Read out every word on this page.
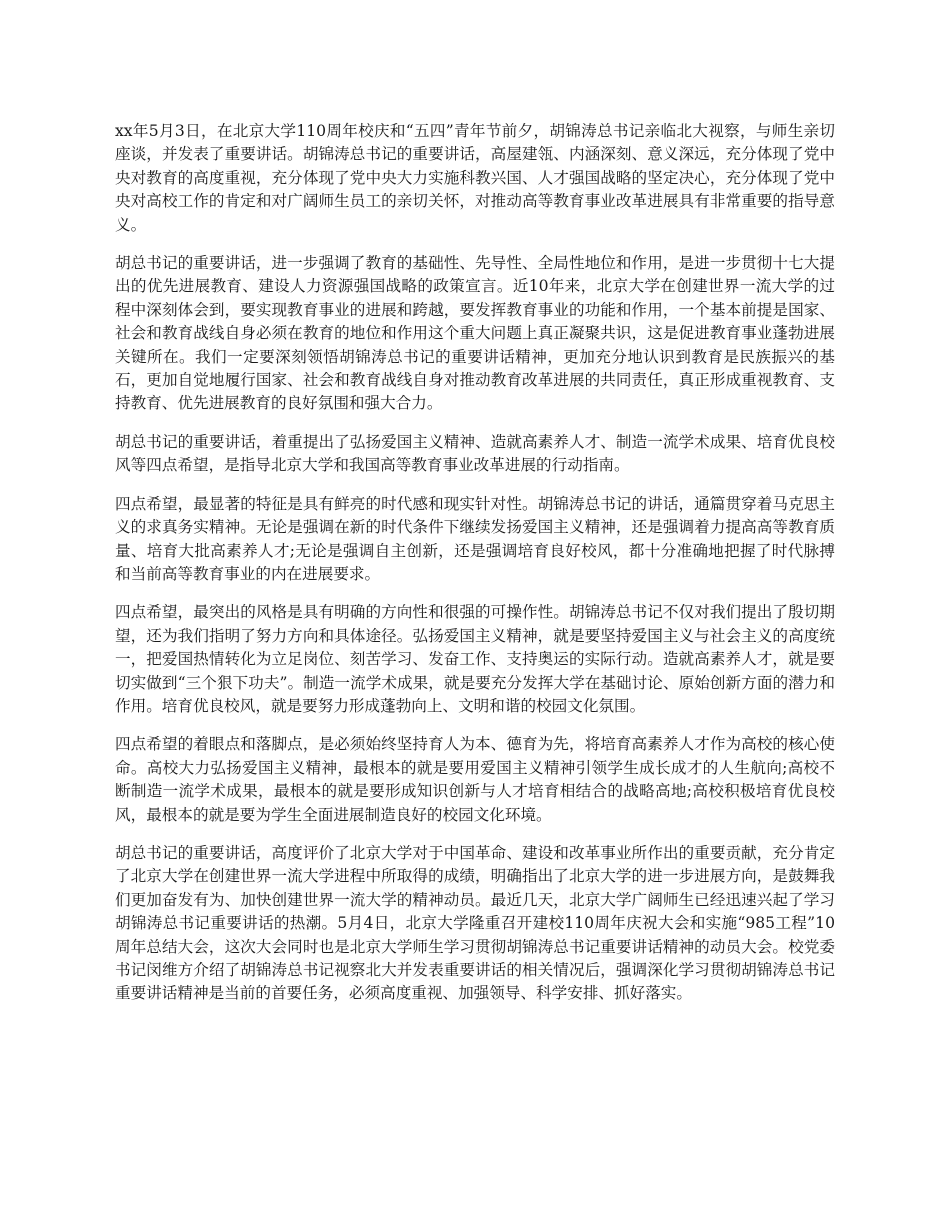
xx年5月3日，在北京大学110周年校庆和“五四”青年节前夕，胡锦涛总书记亲临北大视察，与师生亲切座谈，并发表了重要讲话。胡锦涛总书记的重要讲话，高屋建瓴、内涵深刻、意义深远，充分体现了党中央对教育的高度重视，充分体现了党中央大力实施科教兴国、人才强国战略的坚定决心，充分体现了党中央对高校工作的肯定和对广阔师生员工的亲切关怀，对推动高等教育事业改革进展具有非常重要的指导意义。

胡总书记的重要讲话，进一步强调了教育的基础性、先导性、全局性地位和作用，是进一步贯彻十七大提出的优先进展教育、建设人力资源强国战略的政策宣言。近10年来，北京大学在创建世界一流大学的过程中深刻体会到，要实现教育事业的进展和跨越，要发挥教育事业的功能和作用，一个基本前提是国家、社会和教育战线自身必须在教育的地位和作用这个重大问题上真正凝聚共识，这是促进教育事业蓬勃进展关键所在。我们一定要深刻领悟胡锦涛总书记的重要讲话精神，更加充分地认识到教育是民族振兴的基石，更加自觉地履行国家、社会和教育战线自身对推动教育改革进展的共同责任，真正形成重视教育、支持教育、优先进展教育的良好氛围和强大合力。

胡总书记的重要讲话，着重提出了弘扬爱国主义精神、造就高素养人才、制造一流学术成果、培育优良校风等四点希望，是指导北京大学和我国高等教育事业改革进展的行动指南。

四点希望，最显著的特征是具有鲜亮的时代感和现实针对性。胡锦涛总书记的讲话，通篇贯穿着马克思主义的求真务实精神。无论是强调在新的时代条件下继续发扬爱国主义精神，还是强调着力提高高等教育质量、培育大批高素养人才;无论是强调自主创新，还是强调培育良好校风，都十分准确地把握了时代脉搏和当前高等教育事业的内在进展要求。

四点希望，最突出的风格是具有明确的方向性和很强的可操作性。胡锦涛总书记不仅对我们提出了殷切期望，还为我们指明了努力方向和具体途径。弘扬爱国主义精神，就是要坚持爱国主义与社会主义的高度统一，把爱国热情转化为立足岗位、刻苦学习、发奋工作、支持奥运的实际行动。造就高素养人才，就是要切实做到“三个狠下功夫”。制造一流学术成果，就是要充分发挥大学在基础讨论、原始创新方面的潜力和作用。培育优良校风，就是要努力形成蓬勃向上、文明和谐的校园文化氛围。

四点希望的着眼点和落脚点，是必须始终坚持育人为本、德育为先，将培育高素养人才作为高校的核心使命。高校大力弘扬爱国主义精神，最根本的就是要用爱国主义精神引领学生成长成才的人生航向;高校不断制造一流学术成果，最根本的就是要形成知识创新与人才培育相结合的战略高地;高校积极培育优良校风，最根本的就是要为学生全面进展制造良好的校园文化环境。

胡总书记的重要讲话，高度评价了北京大学对于中国革命、建设和改革事业所作出的重要贡献，充分肯定了北京大学在创建世界一流大学进程中所取得的成绩，明确指出了北京大学的进一步进展方向，是鼓舞我们更加奋发有为、加快创建世界一流大学的精神动员。最近几天，北京大学广阔师生已经迅速兴起了学习胡锦涛总书记重要讲话的热潮。5月4日，北京大学隆重召开建校110周年庆祝大会和实施“985工程”10周年总结大会，这次大会同时也是北京大学师生学习贯彻胡锦涛总书记重要讲话精神的动员大会。校党委书记闵维方介绍了胡锦涛总书记视察北大并发表重要讲话的相关情况后，强调深化学习贯彻胡锦涛总书记重要讲话精神是当前的首要任务，必须高度重视、加强领导、科学安排、抓好落实。
